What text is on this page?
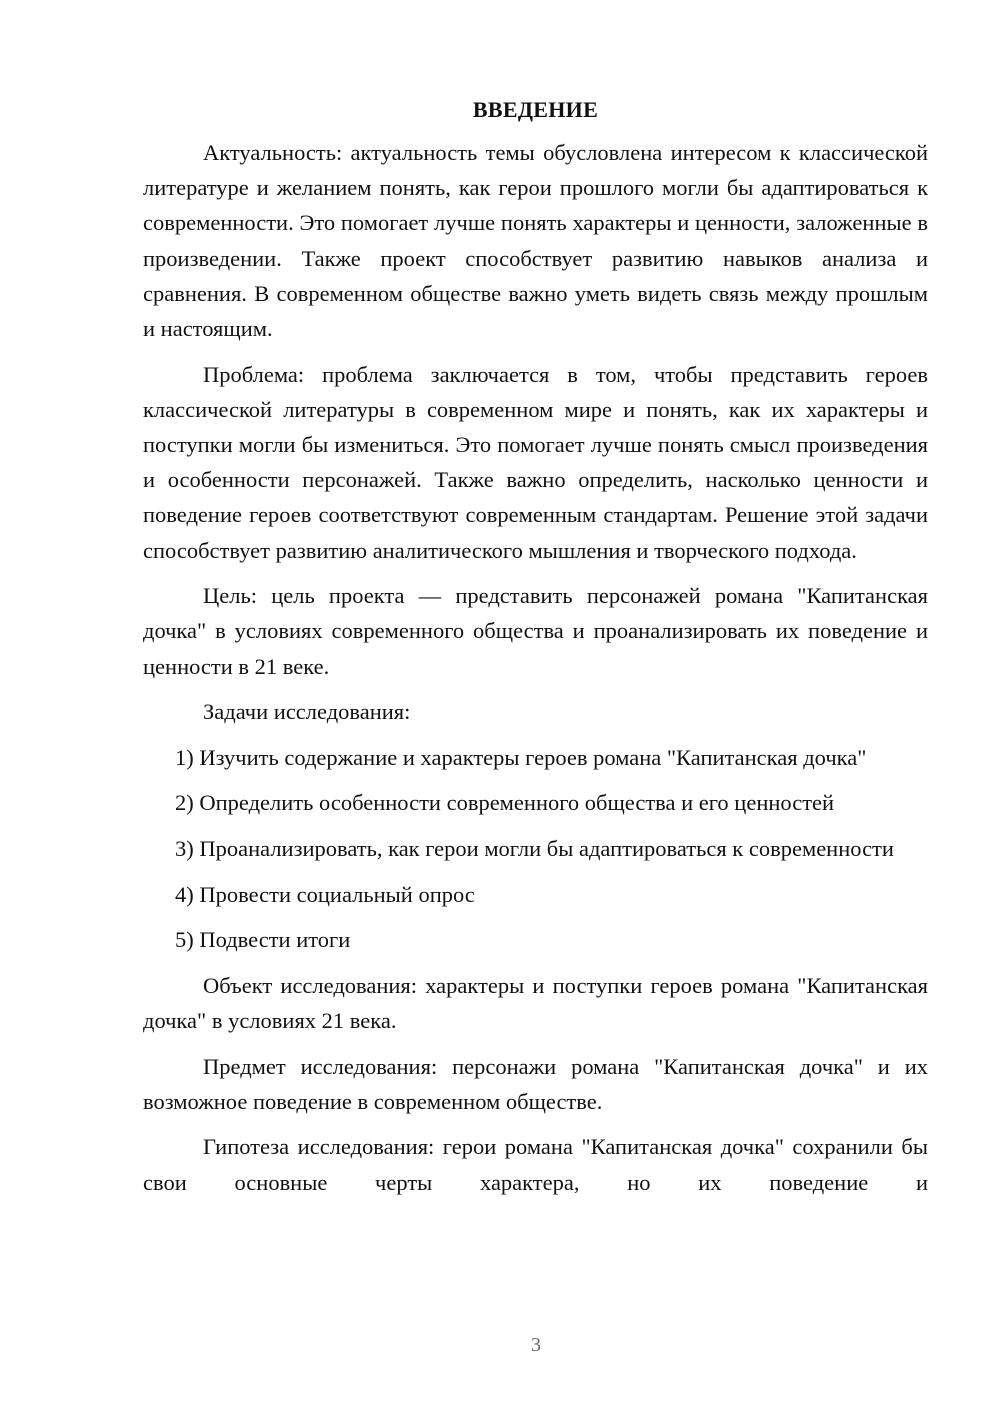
ВВЕДЕНИЕ

Актуальность: актуальность темы обусловлена интересом к классической литературе и желанием понять, как герои прошлого могли бы адаптироваться к современности. Это помогает лучше понять характеры и ценности, заложенные в произведении. Также проект способствует развитию навыков анализа и сравнения. В современном обществе важно уметь видеть связь между прошлым и настоящим.

Проблема: проблема заключается в том, чтобы представить героев классической литературы в современном мире и понять, как их характеры и поступки могли бы измениться. Это помогает лучше понять смысл произведения и особенности персонажей. Также важно определить, насколько ценности и поведение героев соответствуют современным стандартам. Решение этой задачи способствует развитию аналитического мышления и творческого подхода.

Цель: цель проекта — представить персонажей романа "Капитанская дочка" в условиях современного общества и проанализировать их поведение и ценности в 21 веке.

Задачи исследования:

1) Изучить содержание и характеры героев романа "Капитанская дочка"

2) Определить особенности современного общества и его ценностей

3) Проанализировать, как герои могли бы адаптироваться к современности

4) Провести социальный опрос

5) Подвести итоги

Объект исследования: характеры и поступки героев романа "Капитанская дочка" в условиях 21 века.

Предмет исследования: персонажи романа "Капитанская дочка" и их возможное поведение в современном обществе.

Гипотеза исследования: герои романа "Капитанская дочка" сохранили бы свои основные черты характера, но их поведение и

3
